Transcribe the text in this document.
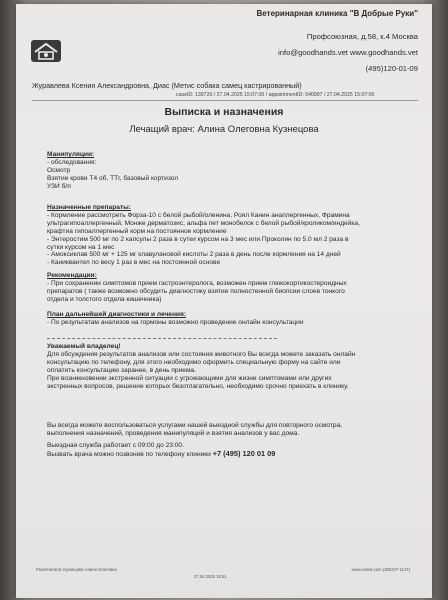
Ветеринарная клиника "В Добрые Руки"
Профсоюзная, д.58, к.4 Москва
info@goodhands.vet www.goodhands.vet
(495)120-01-09
Журавлева Ксения Александровна, Диас (Метис собака самец кастрированный)
caseID: 139720 / 27.04.2025 15:07:00 / appointmentID: 540997 / 27.04.2025 15:07:00
Выписка и назначения
Лечащий врач: Алина Олеговна Кузнецова
Манипуляции:
- обследования:
Осмотр
Взятие крови Т4 об, ТТг, базовый кортизол
УЗИ б/п
Назначенные препараты:
- Кормление рассмотреть Форза-10 с белой рыбой/оленина, Роял Канин анаплергенных, Фрамина
ультрагипоаллергенный, Монже дерматозис, альфа пет монобелок с белой рыбой/кроликом/индейка,
крафтиа гипоаллергенный корм на постоянное кормление
- Энтеростим 500 мг по 2 капсулы 2 раза в сутки курсом на 3 мес или Проколин по 5.0 мл 2 раза в
сутки курсом на 1 мес
- Амоксиклав 500 мг + 125 мг клавулановой кислоты 2 раза в день после кормления на 14 дней
- Каниквантел по весу 1 раз в мес на постоянной основе
Рекомендации:
- При сохранении симптомов прием гастроэнтеролога, возможен прием глюкокортикостероидных
препаратов ( также возможно обсудить диагностику взятие полностенной биопсии слоев тонкого
отдела и толстого отдела кишечника)
План дальнейшей диагностики и лечения:
- По результатам анализов на гормоны возможно проведение онлайн консультации
Уважаемый владелец!
Для обсуждения результатов анализов или состояния животного Вы всегда можете заказать онлайн
консультацию по телефону, для этого необходимо оформить специальную форму на сайте или
оплатить консультацию заранее, в день приема.
При возникновении экстренной ситуации с угрожающими для жизни симптомами или других
экстренных вопросов, решение которых безотлагательно, необходимо срочно приехать в клинику.
Вы всегда можете воспользоваться услугами нашей выездной службы для повторного осмотра,
выполнения назначений, проведения манипуляций и взятия анализов у вас дома.
Выездная служба работает с 09:00 до 23:00.
Вызвать врача можно позвонив по телефону клиники +7 (495) 120 01 09
Распечатала: Кузнецова Алина Олеговна
27.04.2025 15:51
www.vetais.com (250227-1147)
